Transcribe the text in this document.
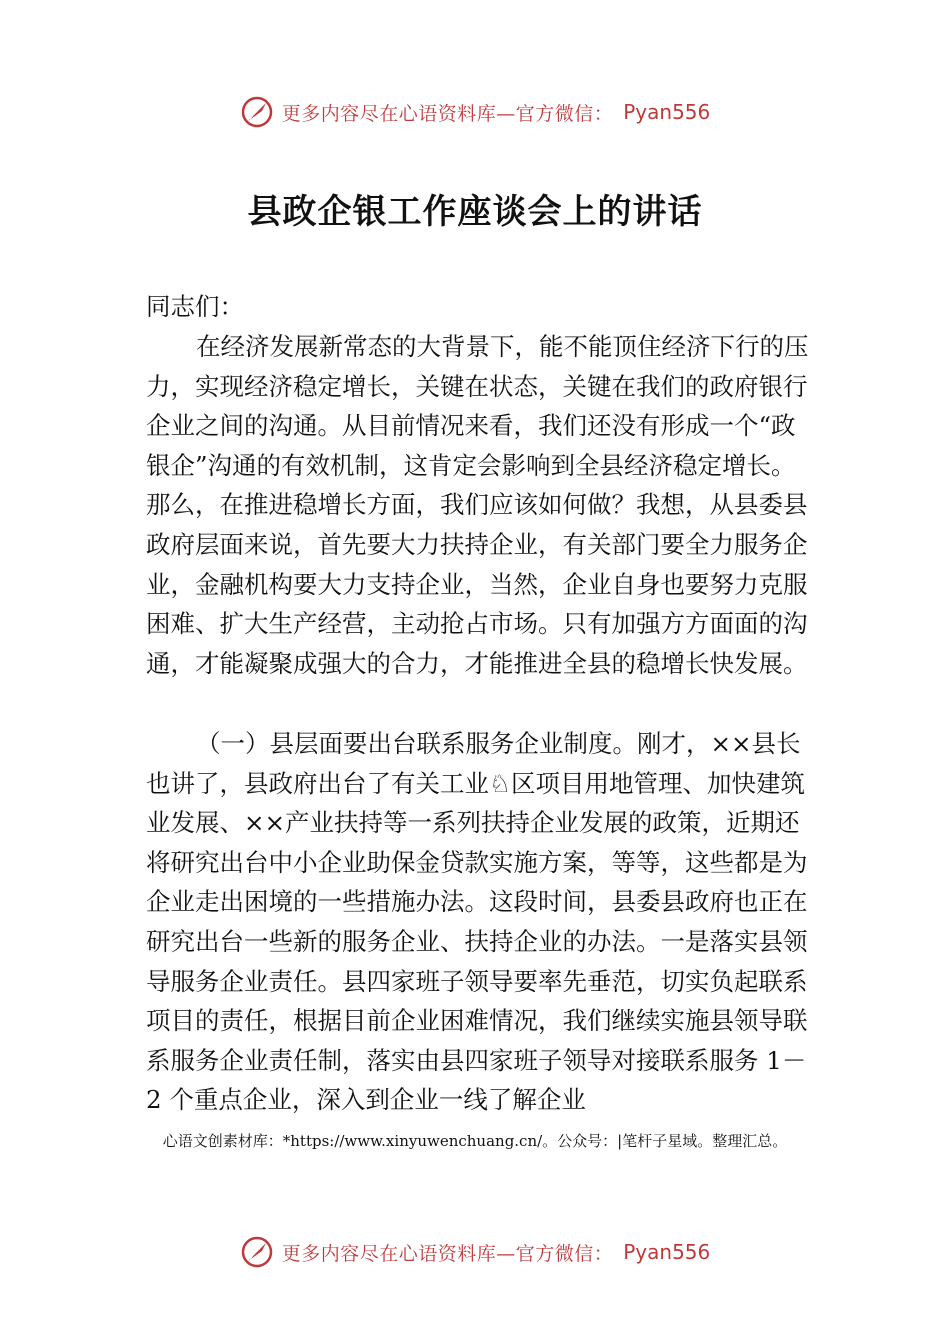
更多内容尽在心语资料库—官方微信： Pyan556
县政企银工作座谈会上的讲话
同志们：
在经济发展新常态的大背景下，能不能顶住经济下行的压力，实现经济稳定增长，关键在状态，关键在我们的政府银行企业之间的沟通。从目前情况来看，我们还没有形成一个“政银企”沟通的有效机制，这肯定会影响到全县经济稳定增长。那么，在推进稳增长方面，我们应该如何做？我想，从县委县政府层面来说，首先要大力扶持企业，有关部门要全力服务企业，金融机构要大力支持企业，当然，企业自身也要努力克服困难、扩大生产经营，主动抢占市场。只有加强方方面面的沟通，才能凝聚成强大的合力，才能推进全县的稳增长快发展。
（一）县层面要出台联系服务企业制度。刚才，××县长也讲了，县政府出台了有关工业♘区项目用地管理、加快建筑业发展、××产业扶持等一系列扶持企业发展的政策，近期还将研究出台中小企业助保金贷款实施方案，等等，这些都是为企业走出困境的一些措施办法。这段时间，县委县政府也正在研究出台一些新的服务企业、扶持企业的办法。一是落实县领导服务企业责任。县四家班子领导要率先垂范，切实负起联系项目的责任，根据目前企业困难情况，我们继续实施县领导联系服务企业责任制，落实由县四家班子领导对接联系服务 1－2 个重点企业，深入到企业一线了解企业
心语文创素材库：*https://www.xinyuwenchuang.cn/。公众号：|笔杆子星域。整理汇总。
更多内容尽在心语资料库—官方微信： Pyan556
